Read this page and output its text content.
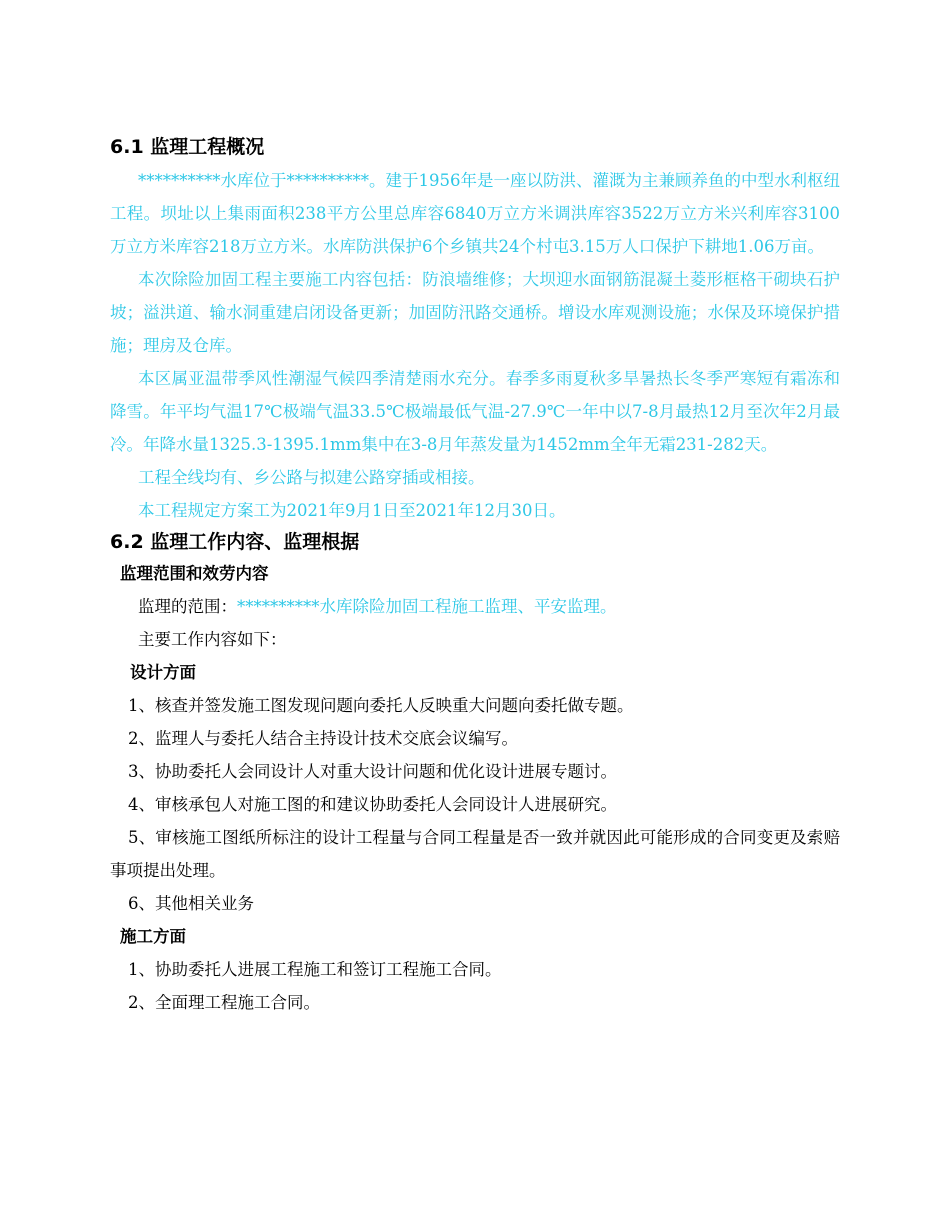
6.1 监理工程概况

**********水库位于**********。建于1956年是一座以防洪、灌溉为主兼顾养鱼的中型水利枢纽工程。坝址以上集雨面积238平方公里总库容6840万立方米调洪库容3522万立方米兴利库容3100万立方米库容218万立方米。水库防洪保护6个乡镇共24个村屯3.15万人口保护下耕地1.06万亩。

本次除险加固工程主要施工内容包括：防浪墙维修；大坝迎水面钢筋混凝土菱形框格干砌块石护坡；溢洪道、输水洞重建启闭设备更新；加固防汛路交通桥。增设水库观测设施；水保及环境保护措施；理房及仓库。

本区属亚温带季风性潮湿气候四季清楚雨水充分。春季多雨夏秋多旱暑热长冬季严寒短有霜冻和降雪。年平均气温17℃极端气温33.5℃极端最低气温-27.9℃一年中以7-8月最热12月至次年2月最冷。年降水量1325.3-1395.1mm集中在3-8月年蒸发量为1452mm全年无霜231-282天。

工程全线均有、乡公路与拟建公路穿插或相接。

本工程规定方案工为2021年9月1日至2021年12月30日。

6.2 监理工作内容、监理根据
监理范围和效劳内容

监理的范围：**********水库除险加固工程施工监理、平安监理。

主要工作内容如下：

设计方面

1、核查并签发施工图发现问题向委托人反映重大问题向委托做专题。

2、监理人与委托人结合主持设计技术交底会议编写。

3、协助委托人会同设计人对重大设计问题和优化设计进展专题讨。

4、审核承包人对施工图的和建议协助委托人会同设计人进展研究。

5、审核施工图纸所标注的设计工程量与合同工程量是否一致并就因此可能形成的合同变更及索赔事项提出处理。

6、其他相关业务

施工方面

1、协助委托人进展工程施工和签订工程施工合同。

2、全面理工程施工合同。
